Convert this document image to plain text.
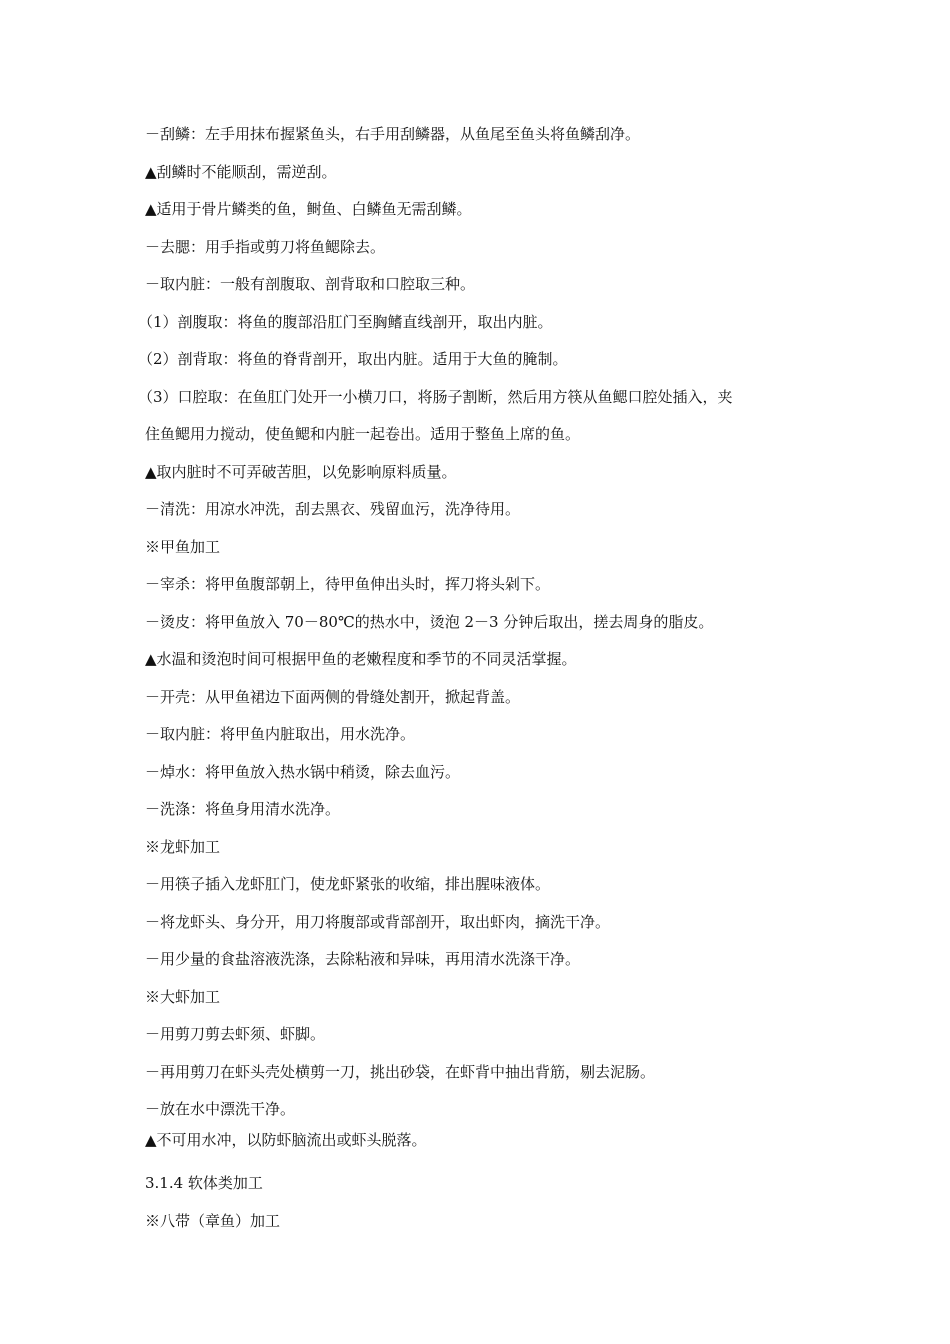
－刮鳞：左手用抹布握紧鱼头，右手用刮鳞器，从鱼尾至鱼头将鱼鳞刮净。
▲刮鳞时不能顺刮，需逆刮。
▲适用于骨片鳞类的鱼，鲥鱼、白鳞鱼无需刮鳞。
－去腮：用手指或剪刀将鱼鳃除去。
－取内脏：一般有剖腹取、剖背取和口腔取三种。
（1）剖腹取：将鱼的腹部沿肛门至胸鳍直线剖开，取出内脏。
（2）剖背取：将鱼的脊背剖开，取出内脏。适用于大鱼的腌制。
（3）口腔取：在鱼肛门处开一小横刀口，将肠子割断，然后用方筷从鱼鳃口腔处插入，夹
住鱼鳃用力搅动，使鱼鳃和内脏一起卷出。适用于整鱼上席的鱼。
▲取内脏时不可弄破苦胆，以免影响原料质量。
－清洗：用凉水冲洗，刮去黑衣、残留血污，洗净待用。
※甲鱼加工
－宰杀：将甲鱼腹部朝上，待甲鱼伸出头时，挥刀将头剁下。
－烫皮：将甲鱼放入 70－80℃的热水中，烫泡 2－3 分钟后取出，搓去周身的脂皮。
▲水温和烫泡时间可根据甲鱼的老嫩程度和季节的不同灵活掌握。
－开壳：从甲鱼裙边下面两侧的骨缝处割开，掀起背盖。
－取内脏：将甲鱼内脏取出，用水洗净。
－焯水：将甲鱼放入热水锅中稍烫，除去血污。
－洗涤：将鱼身用清水洗净。
※龙虾加工
－用筷子插入龙虾肛门，使龙虾紧张的收缩，排出腥味液体。
－将龙虾头、身分开，用刀将腹部或背部剖开，取出虾肉，摘洗干净。
－用少量的食盐溶液洗涤，去除粘液和异味，再用清水洗涤干净。
※大虾加工
－用剪刀剪去虾须、虾脚。
－再用剪刀在虾头壳处横剪一刀，挑出砂袋，在虾背中抽出背筋，剔去泥肠。
－放在水中漂洗干净。
▲不可用水冲，以防虾脑流出或虾头脱落。
3.1.4 软体类加工
※八带（章鱼）加工
